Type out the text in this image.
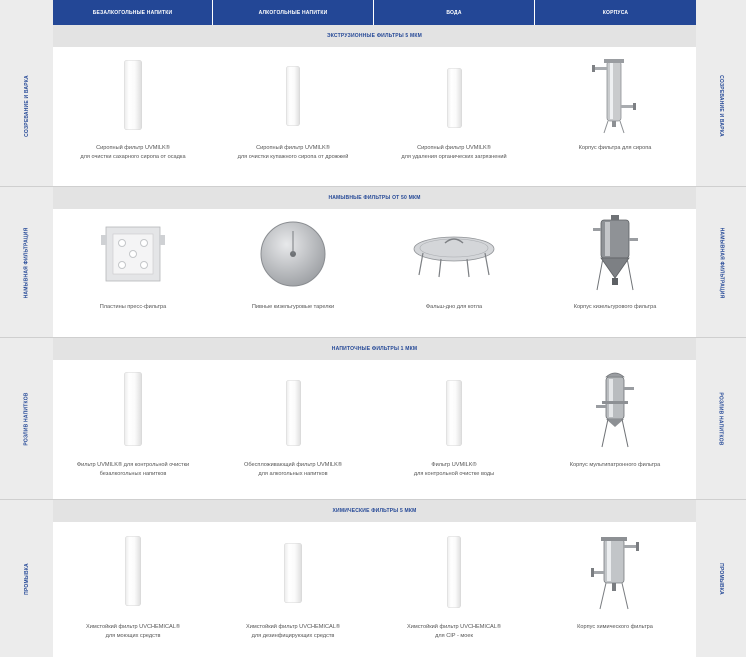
БЕЗАЛКОГОЛЬНЫЕ НАПИТКИ	АЛКОГОЛЬНЫЕ НАПИТКИ	ВОДА	КОРПУСА
СОЗРЕВАНИЕ И ВАРКА
ЭКСТРУЗИОННЫЕ ФИЛЬТРЫ 5 МКМ
СОЗРЕВАНИЕ И ВАРКА
Сиропный фильтр UVMILK®
для очистки сахарного сиропа от осадка
Сиропный фильтр UVMILK®
для очистки купажного сиропа от дрожжей
Сиропный фильтр UVMILK®
для удаления органических загрязнений
Корпус фильтра для сиропа
НАМЫВНАЯ ФИЛЬТРАЦИЯ
НАМЫВНЫЕ ФИЛЬТРЫ ОТ 50 МКМ
НАМЫВНАЯ ФИЛЬТРАЦИЯ
Пластины пресс-фильтра	Пивные кизельгуровые тарелки	Фальш-дно для котла	Корпус кизельгурового фильтра
РОЗЛИВ НАПИТКОВ
НАПИТОЧНЫЕ ФИЛЬТРЫ 1 МКМ
РОЗЛИВ НАПИТКОВ
Фильтр UVMILK® для контрольной очистки
безалкогольных напитков
Обеспложивающий фильтр UVMILK®
для алкогольных напитков
Фильтр UVMILK®
для контрольной очистке воды
Корпус мультипатронного фильтра
ПРОМЫВКА
ХИМИЧЕСКИЕ ФИЛЬТРЫ 5 МКМ
ПРОМЫВКА
Химстойкий фильтр UVCHEMICAL®
для моющих средств
Химстойкий фильтр UVCHEMICAL®
для дезинфицирующих средств
Химстойкий фильтр UVCHEMICAL®
для CIP - моек
Корпус химического фильтра
